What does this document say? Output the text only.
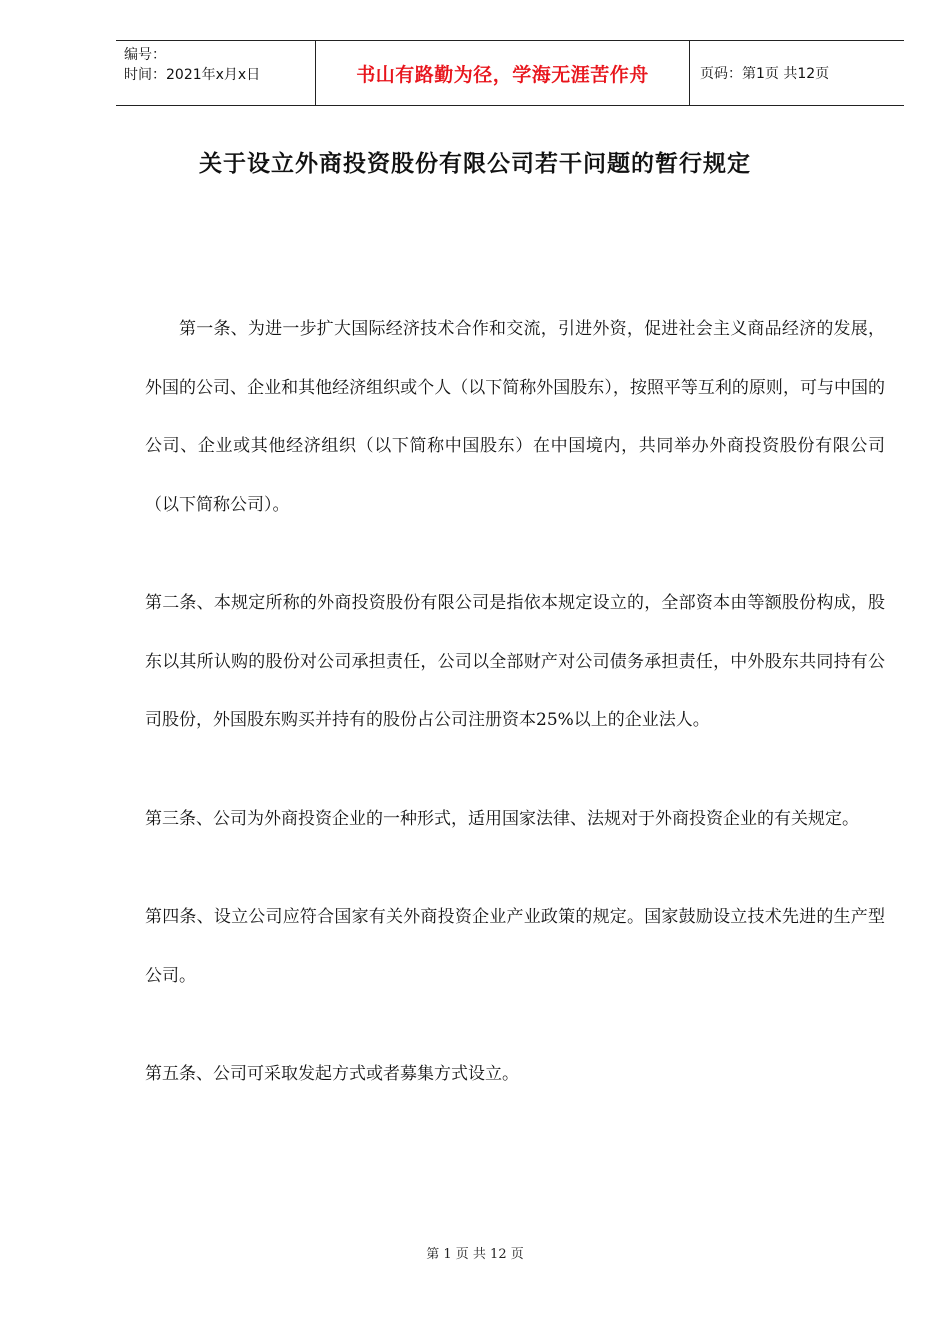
编号：
时间：2021年x月x日	书山有路勤为径，学海无涯苦作舟	页码：第1页 共12页
关于设立外商投资股份有限公司若干问题的暂行规定

第一条、为进一步扩大国际经济技术合作和交流，引进外资，促进社会主义商品经济的发展，外国的公司、企业和其他经济组织或个人（以下简称外国股东），按照平等互利的原则，可与中国的公司、企业或其他经济组织（以下简称中国股东）在中国境内，共同举办外商投资股份有限公司（以下简称公司）。

第二条、本规定所称的外商投资股份有限公司是指依本规定设立的，全部资本由等额股份构成，股东以其所认购的股份对公司承担责任，公司以全部财产对公司债务承担责任，中外股东共同持有公司股份，外国股东购买并持有的股份占公司注册资本25%以上的企业法人。

第三条、公司为外商投资企业的一种形式，适用国家法律、法规对于外商投资企业的有关规定。

第四条、设立公司应符合国家有关外商投资企业产业政策的规定。国家鼓励设立技术先进的生产型公司。

第五条、公司可采取发起方式或者募集方式设立。

第 1 页 共 12 页
